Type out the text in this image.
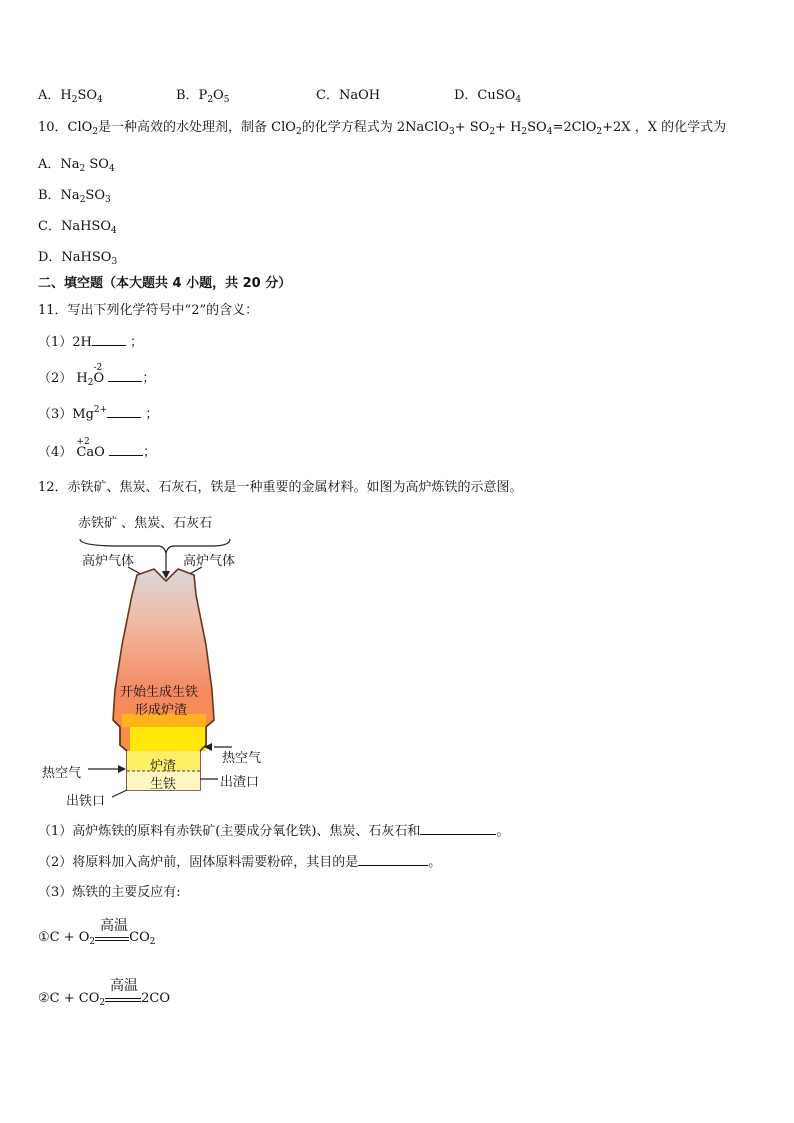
A．$H_2SO_4$	B．$P_2O_5$	C．NaOH	D．CuSO$_4$
10．ClO$_2$是一种高效的水处理剂，制备 ClO$_2$的化学方程式为 2NaClO$_3$+ $SO_2+ H_2SO_4=2ClO_2+2X$ ，X 的化学式为
A．$Na_2$ $SO_4$
B．$Na_2SO_3$
C．NaHSO$_4$
D．NaHSO$_3$
二、填空题（本大题共 4 小题，共 20 分）
11．写出下列化学符号中“2”的含义：
（1）2H	；
（2） $H_2$
-2
O	；
$(3)Mg^{2+}$	；
（4）
+2
CaO	；
12．赤铁矿、焦炭、石灰石，铁是一种重要的金属材料。如图为高炉炼铁的示意图。
赤铁矿 、焦炭、石灰石
高炉气体	高炉气体
开始生成生铁
形成炉渣
炉渣
生铁
热空气
热空气
出渣口
出铁口
（1）高炉炼铁的原料有赤铁矿(主要成分氧化铁)、焦炭、石灰石和	。
（2）将原料加入高炉前，固体原料需要粉碎，其目的是	。
（3）炼铁的主要反应有:
①C + $O_2$	$CO_2$
高温
②C + $CO_2$	2CO
高温
